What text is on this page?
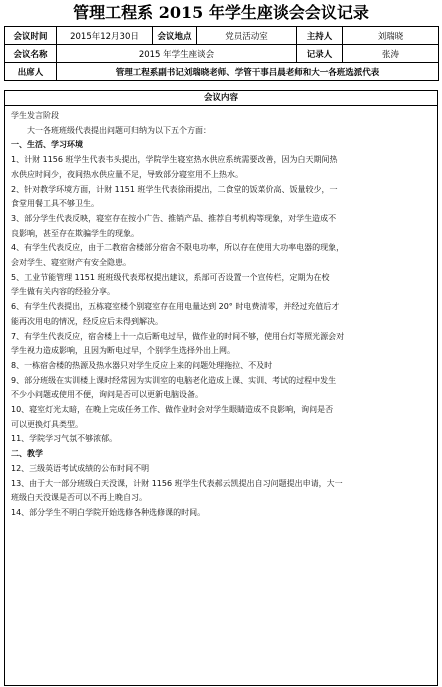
管理工程系 2015 年学生座谈会会议记录
会议时间	2015年12月30日	会议地点	党员活动室	主持人	刘瑞晓
会议名称	2015 年学生座谈会			记录人	张涛
出席人	管理工程系副书记刘瑞晓老师、学管干事吕晨老师和大一各班选派代表				
会议内容

学生发言阶段

大一各班班级代表提出问题可归纳为以下五个方面：

一、生活、学习环境

1、计财 1156 班学生代表韦头提出，学院学生寝室热水供应系统需要改善，因为白天期间热

水供应时间少，夜间热水供应量不足，导致部分寝室用不上热水。

2、针对教学环境方面，计财 1151 班学生代表徐雨提出，二食堂的饭菜价高、饭量较少，一

食堂用餐工具不够卫生。

3、部分学生代表反映，寝室存在按小广告、推销产品、推荐自考机构等现象，对学生造成不

良影响，甚至存在欺骗学生的现象。

4、有学生代表反应，由于二教宿舍楼部分宿舍不限电功率，所以存在使用大功率电器的现象，

会对学生、寝室财产有安全隐患。

5、工业节能管理 1151 班班级代表郑权提出建议，系部可否设置一个宣传栏，定期为在校

学生做有关内容的经验分享。

6、有学生代表提出，五栋寝室楼个别寝室存在用电量达到 20° 时电费清零，并经过充值后才

能再次用电的情况，经反应后未得到解决。

7、有学生代表反应，宿舍楼上十一点后断电过早，做作业的时间不够，使用台灯等照光源会对

学生视力造成影响，且因为断电过早，个别学生选择外出上网。

8、一栋宿舍楼的热源及热水器只对学生反应上来的问题处理拖拉、不及时

9、部分班级在实训楼上课时经常因为实训室的电脑老化造成上课、实训、考试的过程中发生

不少小问题或使用不便，询问是否可以更新电脑设备。

10、寝室灯光太暗，在晚上完成任务工作、做作业时会对学生眼睛造成不良影响，询问是否

可以更换灯具类型。

11、学院学习气氛不够浓郁。

二、教学

12、三级英语考试成绩的公布时间不明

13、由于大一部分班级白天没课，计财 1156 班学生代表郝云凯提出自习问题提出申请，大一

班级白天没课是否可以不再上晚自习。

14、部分学生不明白学院开始选修各种选修课的时间。
